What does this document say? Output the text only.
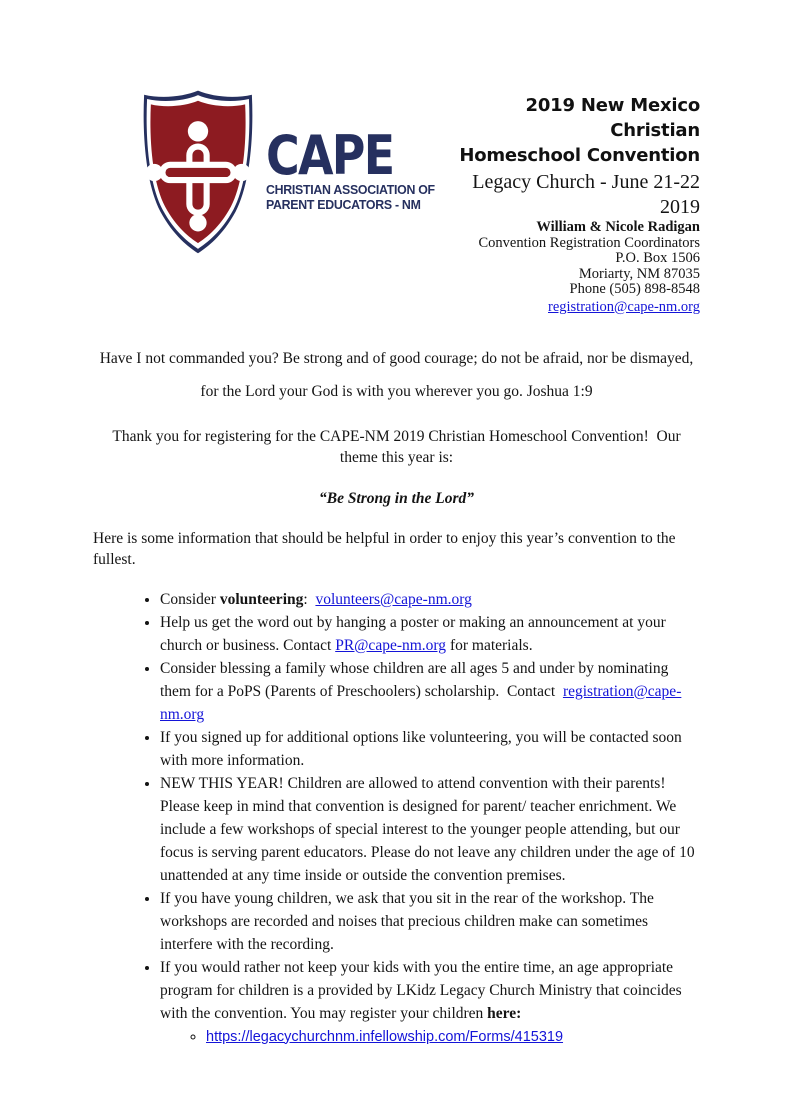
CAPE
CHRISTIAN ASSOCIATION OF
PARENT EDUCATORS - NM
2019 New Mexico Christian
Homeschool Convention
Legacy Church - June 21-22 2019
William & Nicole Radigan
Convention Registration Coordinators
P.O. Box 1506
Moriarty, NM 87035
Phone (505) 898-8548
registration@cape-nm.org

Have I not commanded you? Be strong and of good courage; do not be afraid, nor be dismayed, for the Lord your God is with you wherever you go. Joshua 1:9

Thank you for registering for the CAPE-NM 2019 Christian Homeschool Convention!  Our theme this year is:

“Be Strong in the Lord”

Here is some information that should be helpful in order to enjoy this year’s convention to the fullest.

• Consider volunteering:  volunteers@cape-nm.org
• Help us get the word out by hanging a poster or making an announcement at your church or business. Contact PR@cape-nm.org for materials.
• Consider blessing a family whose children are all ages 5 and under by nominating them for a PoPS (Parents of Preschoolers) scholarship.  Contact  registration@cape-nm.org
• If you signed up for additional options like volunteering, you will be contacted soon with more information.
• NEW THIS YEAR! Children are allowed to attend convention with their parents! Please keep in mind that convention is designed for parent/ teacher enrichment. We include a few workshops of special interest to the younger people attending, but our focus is serving parent educators. Please do not leave any children under the age of 10 unattended at any time inside or outside the convention premises.
• If you have young children, we ask that you sit in the rear of the workshop. The workshops are recorded and noises that precious children make can sometimes interfere with the recording.
• If you would rather not keep your kids with you the entire time, an age appropriate program for children is a provided by LKidz Legacy Church Ministry that coincides with the convention. You may register your children here:
◦ https://legacychurchnm.infellowship.com/Forms/415319
